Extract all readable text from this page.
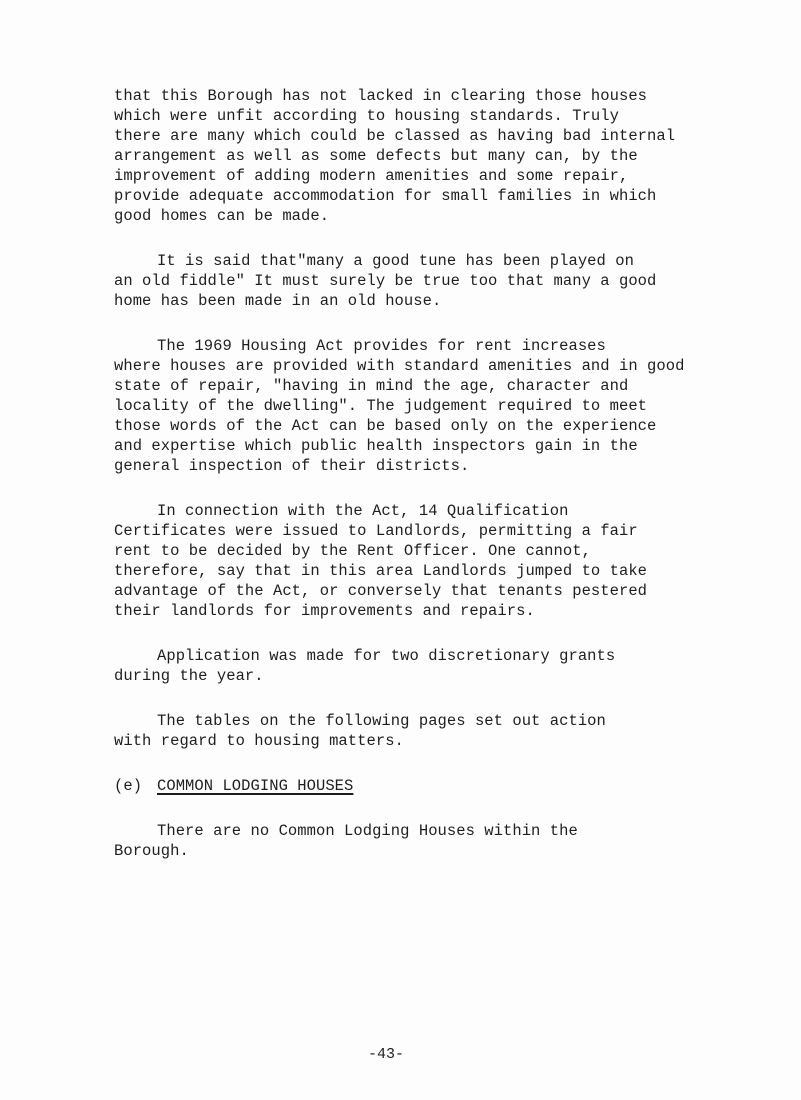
that this Borough has not lacked in clearing those houses

which were unfit according to housing standards. Truly

there are many which could be classed as having bad internal

arrangement as well as some defects but many can, by the

improvement of adding modern amenities and some repair,

provide adequate accommodation for small families in which

good homes can be made.

It is said that"many a good tune has been played on

an old fiddle" It must surely be true too that many a good

home has been made in an old house.

The 1969 Housing Act provides for rent increases

where houses are provided with standard amenities and in good

state of repair, "having in mind the age, character and

locality of the dwelling". The judgement required to meet

those words of the Act can be based only on the experience

and expertise which public health inspectors gain in the

general inspection of their districts.

In connection with the Act, 14 Qualification

Certificates were issued to Landlords, permitting a fair

rent to be decided by the Rent Officer. One cannot,

therefore, say that in this area Landlords jumped to take

advantage of the Act, or conversely that tenants pestered

their landlords for improvements and repairs.

Application was made for two discretionary grants

during the year.

The tables on the following pages set out action

with regard to housing matters.

(e) COMMON LODGING HOUSES

There are no Common Lodging Houses within the

Borough.

-43-
